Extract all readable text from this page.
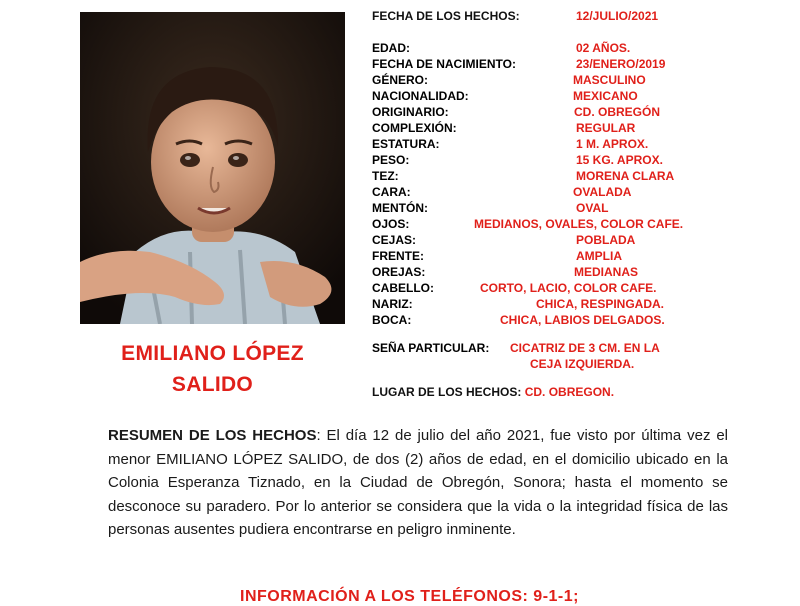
EMILIANO LÓPEZ
SALIDO
FECHA DE LOS HECHOS:	12/JULIO/2021
EDAD:	02 AÑOS.
FECHA DE NACIMIENTO:	23/ENERO/2019
GÉNERO:	MASCULINO
NACIONALIDAD:	MEXICANO
ORIGINARIO:	CD. OBREGÓN
COMPLEXIÓN:	REGULAR
ESTATURA:	1 M. APROX.
PESO:	15 KG. APROX.
TEZ:	MORENA CLARA
CARA:	OVALADA
MENTÓN:	OVAL
OJOS:	MEDIANOS, OVALES, COLOR CAFE.
CEJAS:	POBLADA
FRENTE:	AMPLIA
OREJAS:	MEDIANAS
CABELLO:	CORTO, LACIO, COLOR CAFE.
NARIZ:	CHICA, RESPINGADA.
BOCA:	CHICA, LABIOS DELGADOS.
SEÑA PARTICULAR: CICATRIZ DE 3 CM. EN LA
CEJA IZQUIERDA.
LUGAR DE LOS HECHOS: CD. OBREGON.
RESUMEN DE LOS HECHOS: El día 12 de julio del año 2021, fue visto por última vez el menor EMILIANO LÓPEZ SALIDO, de dos (2) años de edad, en el domicilio ubicado en la Colonia Esperanza Tiznado, en la Ciudad de Obregón, Sonora; hasta el momento se desconoce su paradero. Por lo anterior se considera que la vida o la integridad física de las personas ausentes pudiera encontrarse en peligro inminente.
INFORMACIÓN A LOS TELÉFONOS: 9-1-1;
